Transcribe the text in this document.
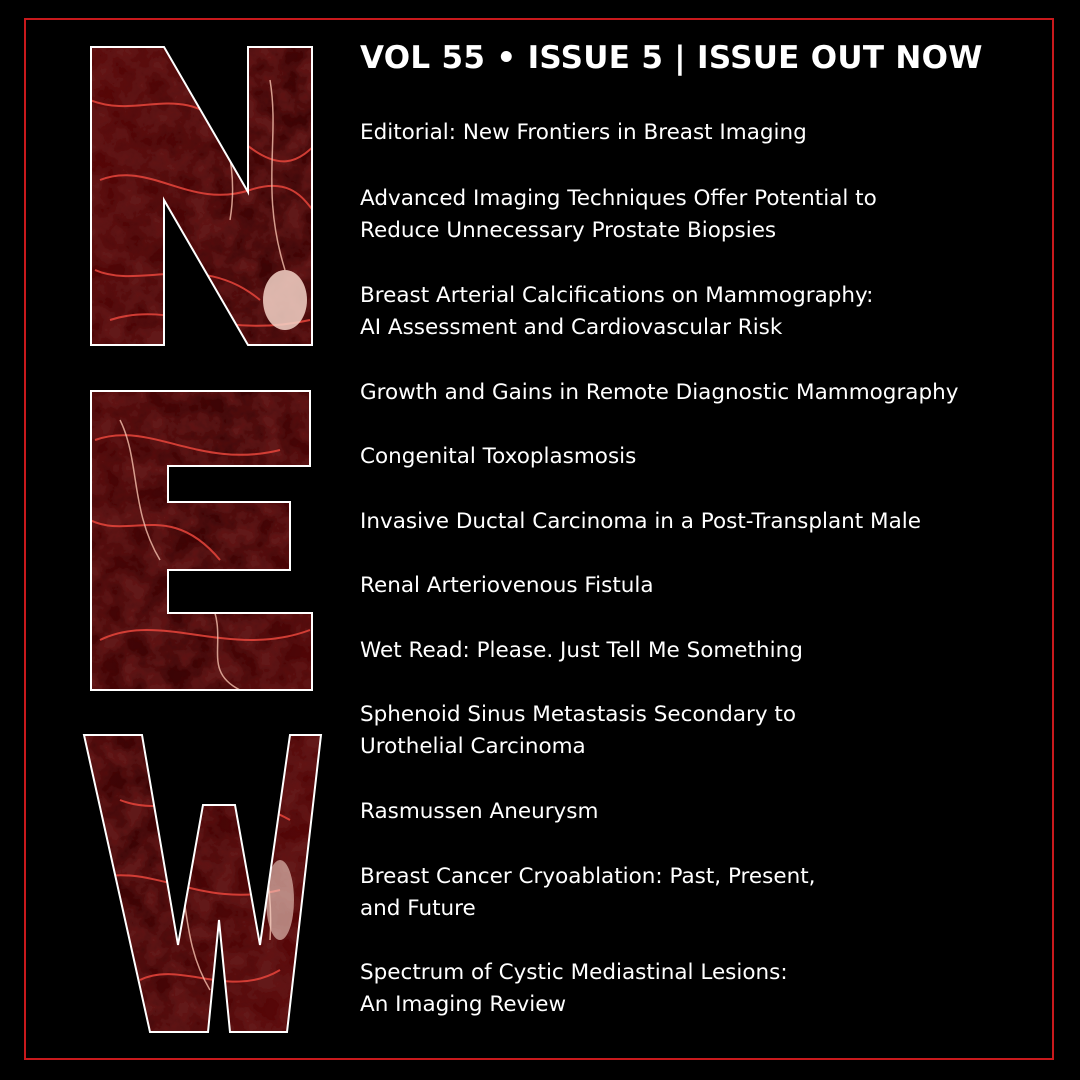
VOL 55 • ISSUE 5 | ISSUE OUT NOW
Editorial: New Frontiers in Breast Imaging
Advanced Imaging Techniques Offer Potential to
Reduce Unnecessary Prostate Biopsies
Breast Arterial Calcifications on Mammography:
AI Assessment and Cardiovascular Risk
Growth and Gains in Remote Diagnostic Mammography
Congenital Toxoplasmosis
Invasive Ductal Carcinoma in a Post-Transplant Male
Renal Arteriovenous Fistula
Wet Read: Please. Just Tell Me Something
Sphenoid Sinus Metastasis Secondary to
Urothelial Carcinoma
Rasmussen Aneurysm
Breast Cancer Cryoablation: Past, Present,
and Future
Spectrum of Cystic Mediastinal Lesions:
An Imaging Review
